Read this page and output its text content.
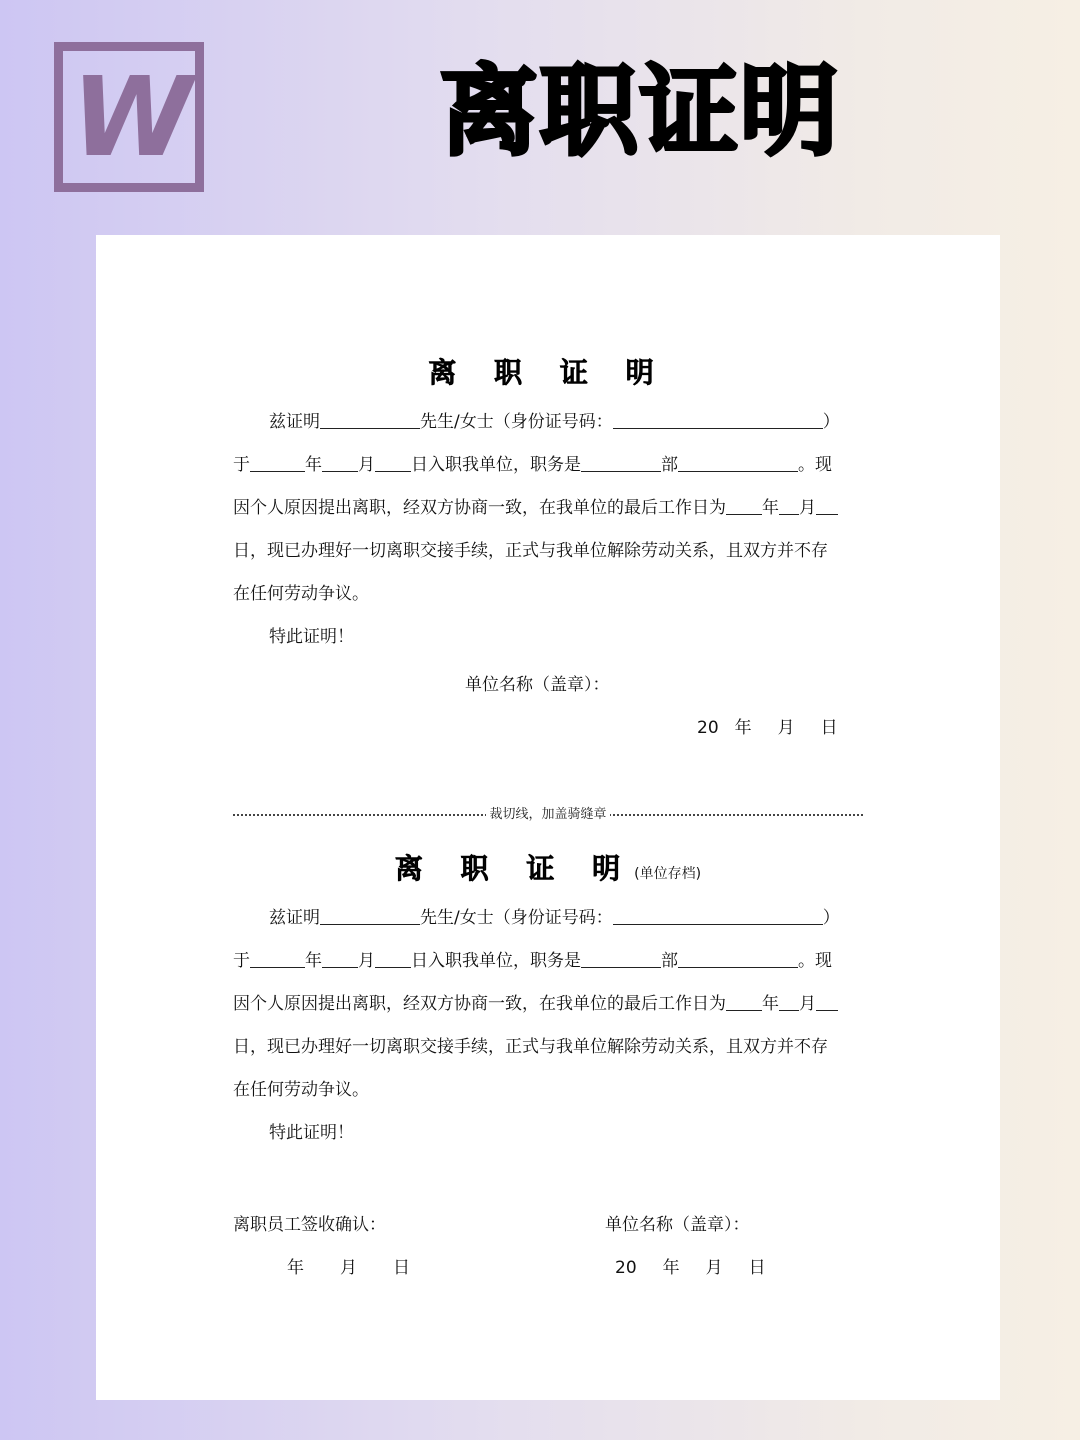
W	离职证明
离 职 证 明
兹证明	先生/女士（身份证号码：	）
于	年 月 日入职我单位，职务是	部	。现
因个人原因提出离职，经双方协商一致，在我单位的最后工作日为 年 月
日，现已办理好一切离职交接手续，正式与我单位解除劳动关系，且双方并不存
在任何劳动争议。
特此证明！
单位名称（盖章）：
20 年 月 日
裁切线，加盖骑缝章
离 职 证 明(单位存档)
兹证明	先生/女士（身份证号码：	）
于	年 月 日入职我单位，职务是	部	。现
因个人原因提出离职，经双方协商一致，在我单位的最后工作日为 年 月
日，现已办理好一切离职交接手续，正式与我单位解除劳动关系，且双方并不存
在任何劳动争议。
特此证明！
离职员工签收确认：
年 月 日
单位名称（盖章）：
20 年 月 日
